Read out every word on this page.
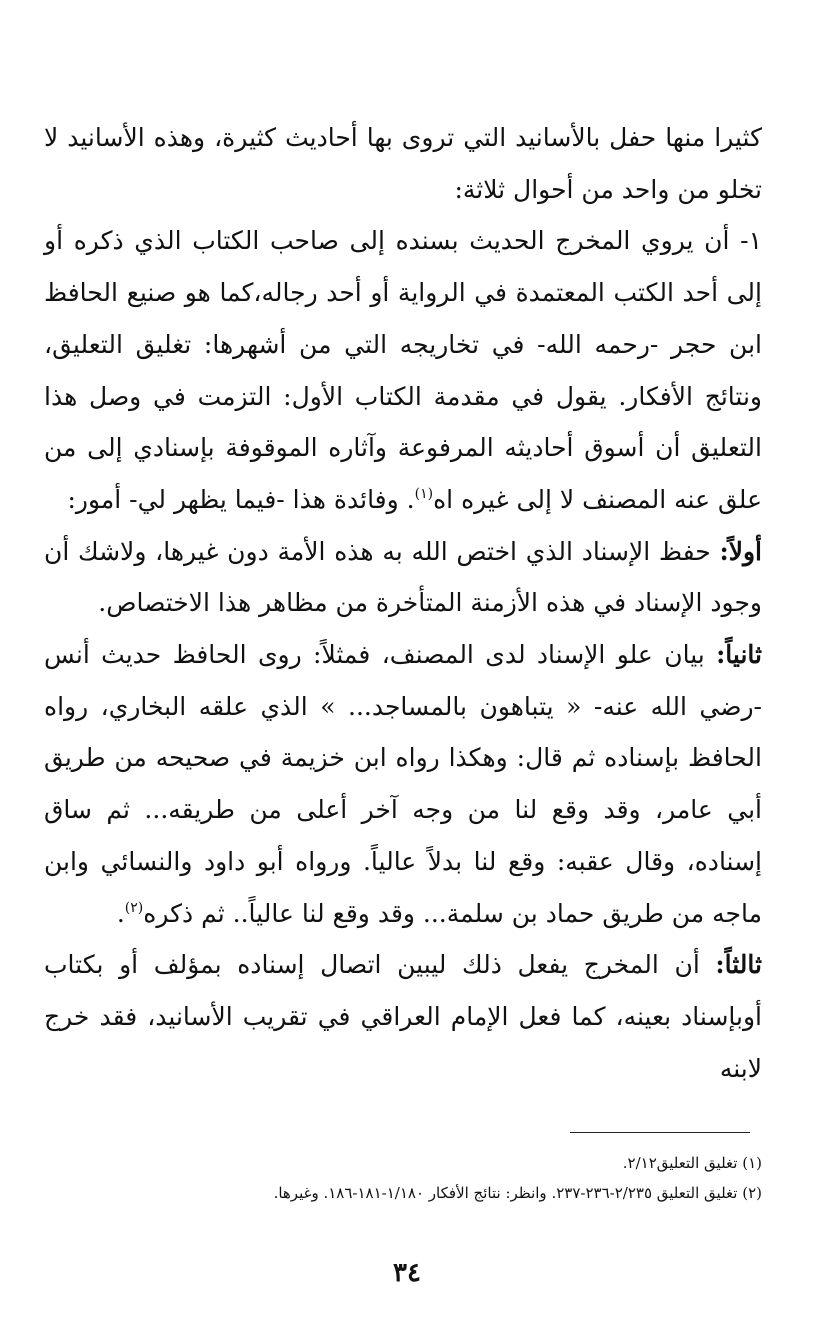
كثيرا منها حفل بالأسانيد التي تروى بها أحاديث كثيرة، وهذه الأسانيد لا تخلو من واحد من أحوال ثلاثة:

١- أن يروي المخرج الحديث بسنده إلى صاحب الكتاب الذي ذكره أو إلى أحد الكتب المعتمدة في الرواية أو أحد رجاله،كما هو صنيع الحافظ ابن حجر -رحمه الله- في تخاريجه التي من أشهرها: تغليق التعليق، ونتائج الأفكار. يقول في مقدمة الكتاب الأول: التزمت في وصل هذا التعليق أن أسوق أحاديثه المرفوعة وآثاره الموقوفة بإسنادي إلى من علق عنه المصنف لا إلى غيره اه$^{(١)}$. وفائدة هذا -فيما يظهر لي- أمور:

أولاً: حفظ الإسناد الذي اختص الله به هذه الأمة دون غيرها، ولاشك أن وجود الإسناد في هذه الأزمنة المتأخرة من مظاهر هذا الاختصاص.

ثانياً: بيان علو الإسناد لدى المصنف، فمثلاً: روى الحافظ حديث أنس -رضي الله عنه- « يتباهون بالمساجد... » الذي علقه البخاري، رواه الحافظ بإسناده ثم قال: وهكذا رواه ابن خزيمة في صحيحه من طريق أبي عامر، وقد وقع لنا من وجه آخر أعلى من طريقه... ثم ساق إسناده، وقال عقبه: وقع لنا بدلاً عالياً. ورواه أبو داود والنسائي وابن ماجه من طريق حماد بن سلمة... وقد وقع لنا عالياً.. ثم ذكره$^{(٢)}$.

ثالثاً: أن المخرج يفعل ذلك ليبين اتصال إسناده بمؤلف أو بكتاب أوبإسناد بعينه، كما فعل الإمام العراقي في تقريب الأسانيد، فقد خرج لابنه

(١) تغليق التعليق٢/١٢.

(٢) تغليق التعليق ٢/٢٣٥-٢٣٦-٢٣٧. وانظر: نتائج الأفكار ١/١٨٠-١٨١-١٨٦. وغيرها.

٣٤
